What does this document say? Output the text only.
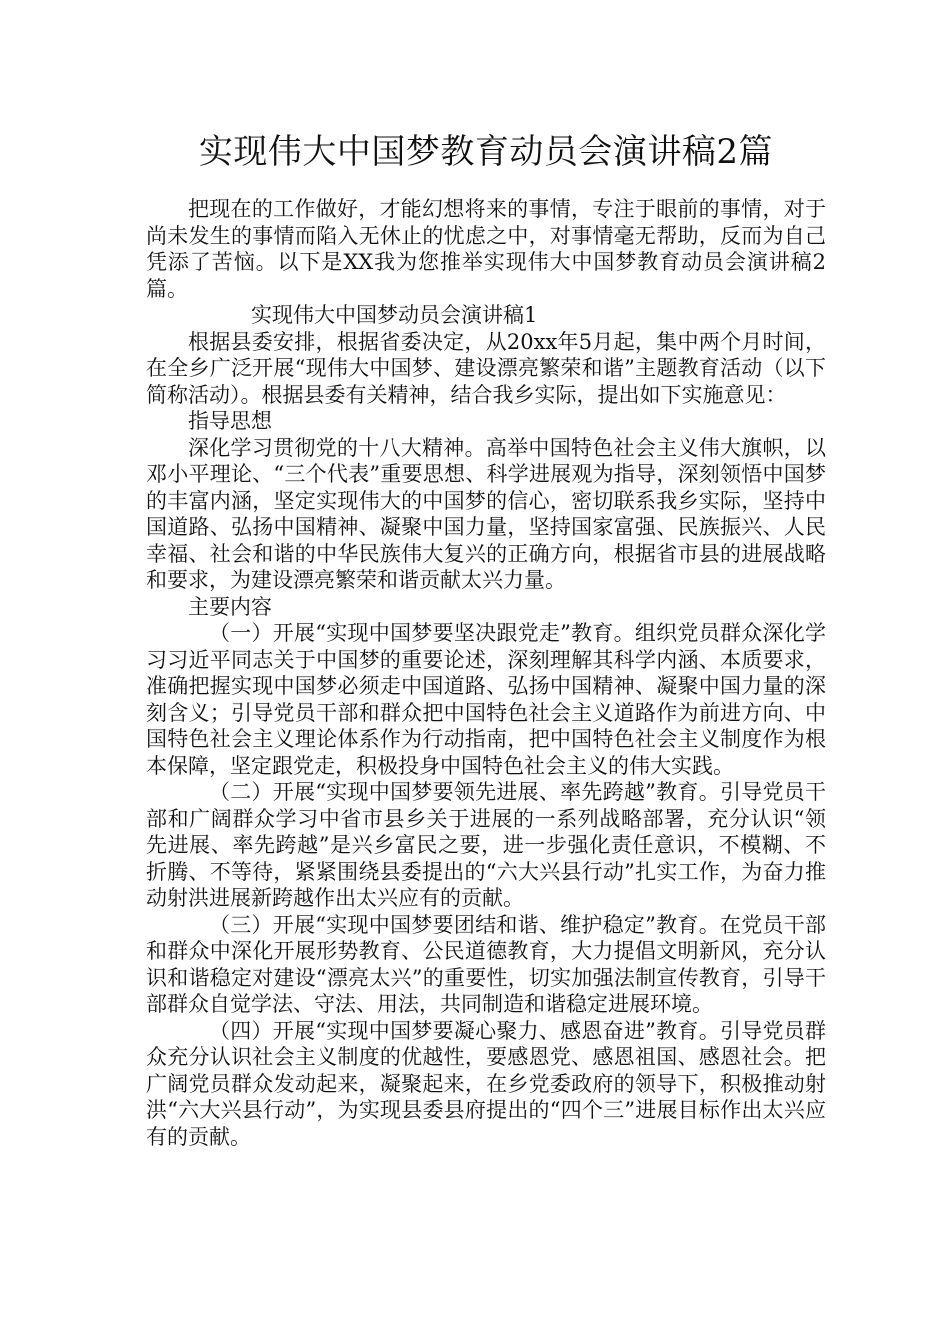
实现伟大中国梦教育动员会演讲稿2篇

把现在的工作做好，才能幻想将来的事情，专注于眼前的事情，对于尚未发生的事情而陷入无休止的忧虑之中，对事情毫无帮助，反而为自己凭添了苦恼。以下是XX我为您推举实现伟大中国梦教育动员会演讲稿2篇。

实现伟大中国梦动员会演讲稿1

根据县委安排，根据省委决定，从20xx年5月起，集中两个月时间，在全乡广泛开展“现伟大中国梦、建设漂亮繁荣和谐”主题教育活动（以下简称活动）。根据县委有关精神，结合我乡实际，提出如下实施意见：

指导思想

深化学习贯彻党的十八大精神。高举中国特色社会主义伟大旗帜，以邓小平理论、“三个代表”重要思想、科学进展观为指导，深刻领悟中国梦的丰富内涵，坚定实现伟大的中国梦的信心，密切联系我乡实际，坚持中国道路、弘扬中国精神、凝聚中国力量，坚持国家富强、民族振兴、人民幸福、社会和谐的中华民族伟大复兴的正确方向，根据省市县的进展战略和要求，为建设漂亮繁荣和谐贡献太兴力量。

主要内容

（一）开展“实现中国梦要坚决跟党走”教育。组织党员群众深化学习习近平同志关于中国梦的重要论述，深刻理解其科学内涵、本质要求，准确把握实现中国梦必须走中国道路、弘扬中国精神、凝聚中国力量的深刻含义；引导党员干部和群众把中国特色社会主义道路作为前进方向、中国特色社会主义理论体系作为行动指南，把中国特色社会主义制度作为根本保障，坚定跟党走，积极投身中国特色社会主义的伟大实践。

（二）开展“实现中国梦要领先进展、率先跨越”教育。引导党员干部和广阔群众学习中省市县乡关于进展的一系列战略部署，充分认识“领先进展、率先跨越”是兴乡富民之要，进一步强化责任意识，不模糊、不折腾、不等待，紧紧围绕县委提出的“六大兴县行动”扎实工作，为奋力推动射洪进展新跨越作出太兴应有的贡献。

（三）开展“实现中国梦要团结和谐、维护稳定”教育。在党员干部和群众中深化开展形势教育、公民道德教育，大力提倡文明新风，充分认识和谐稳定对建设“漂亮太兴”的重要性，切实加强法制宣传教育，引导干部群众自觉学法、守法、用法，共同制造和谐稳定进展环境。

（四）开展“实现中国梦要凝心聚力、感恩奋进”教育。引导党员群众充分认识社会主义制度的优越性，要感恩党、感恩祖国、感恩社会。把广阔党员群众发动起来，凝聚起来，在乡党委政府的领导下，积极推动射洪“六大兴县行动”，为实现县委县府提出的“四个三”进展目标作出太兴应有的贡献。
